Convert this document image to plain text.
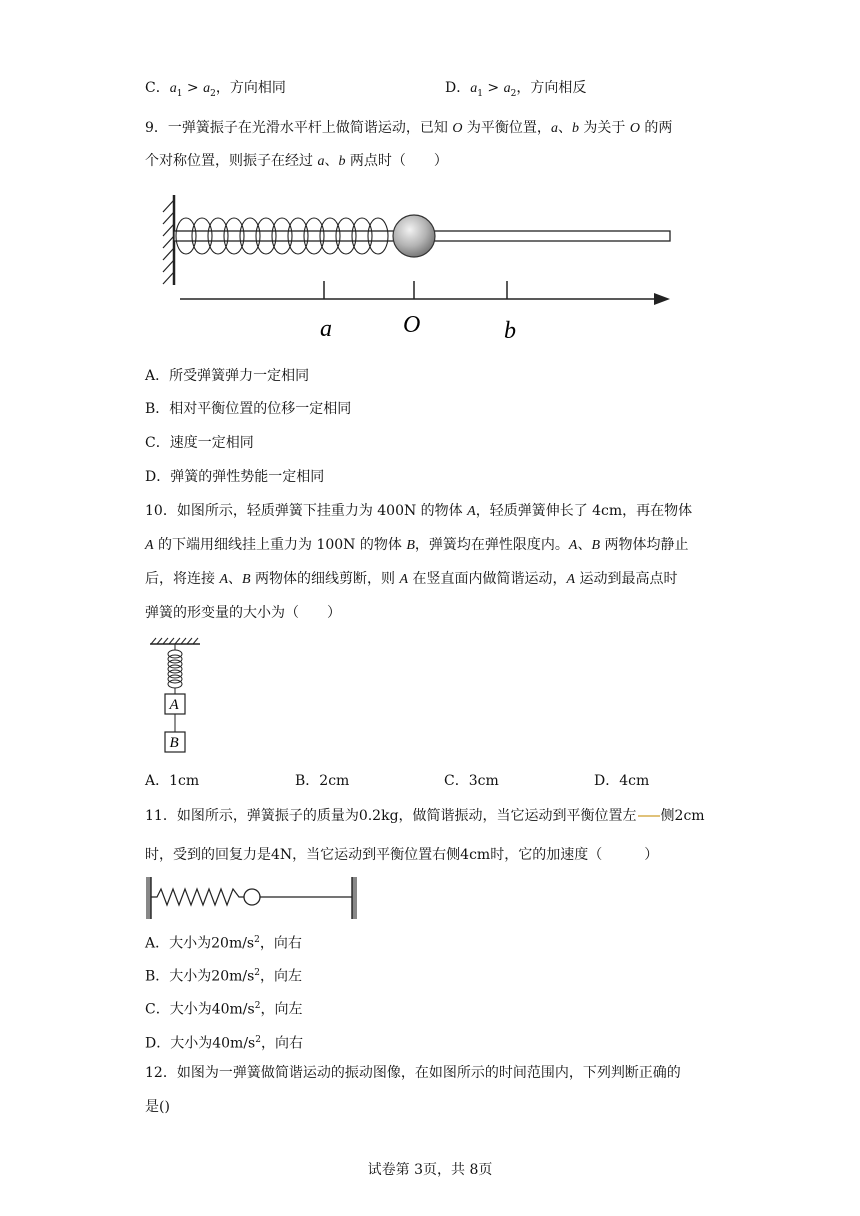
C．$a_1 > a_2$，方向相同	D．$a_1 > a_2$，方向相反
9．一弹簧振子在光滑水平杆上做简谐运动，已知 O 为平衡位置，a、b 为关于 O 的两
个对称位置，则振子在经过 a、b 两点时（　　）
a	O	b
A．所受弹簧弹力一定相同
B．相对平衡位置的位移一定相同
C．速度一定相同
D．弹簧的弹性势能一定相同
10．如图所示，轻质弹簧下挂重力为 400N 的物体 A，轻质弹簧伸长了 4cm，再在物体
A 的下端用细线挂上重力为 100N 的物体 B，弹簧均在弹性限度内。A、B 两物体均静止
后，将连接 A、B 两物体的细线剪断，则 A 在竖直面内做简谐运动，A 运动到最高点时
弹簧的形变量的大小为（　　）
A
B
A．1cm	B．2cm	C．3cm	D．4cm
11．如图所示，弹簧振子的质量为0.2kg，做简谐振动，当它运动到平衡位置左 侧2cm
时，受到的回复力是4N，当它运动到平衡位置右侧4cm时，它的加速度（　　　）
A．大小为$20m/s^2$，向右
B．大小为$20m/s^2$，向左
C．大小为$40m/s^2$，向左
D．大小为$40m/s^2$，向右
12．如图为一弹簧做简谐运动的振动图像，在如图所示的时间范围内，下列判断正确的
是()
试卷第 3页，共 8页
